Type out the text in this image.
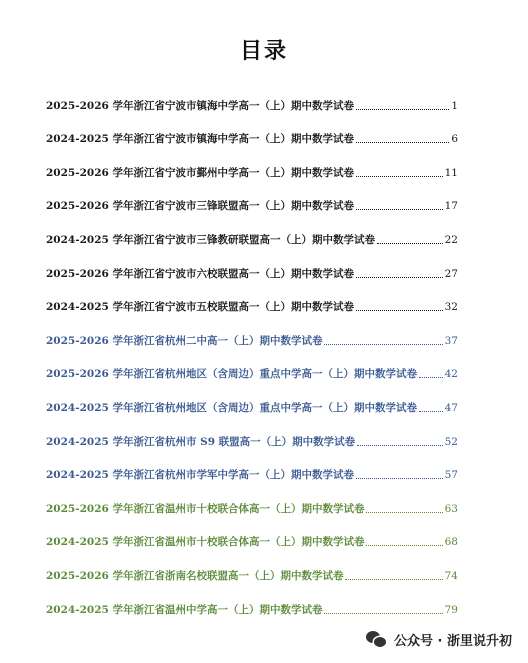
目录
2025-2026 学年浙江省宁波市镇海中学高一（上）期中数学试卷	1
2024-2025 学年浙江省宁波市镇海中学高一（上）期中数学试卷	6
2025-2026 学年浙江省宁波市鄞州中学高一（上）期中数学试卷	11
2025-2026 学年浙江省宁波市三锋联盟高一（上）期中数学试卷	17
2024-2025 学年浙江省宁波市三锋教研联盟高一（上）期中数学试卷	22
2025-2026 学年浙江省宁波市六校联盟高一（上）期中数学试卷	27
2024-2025 学年浙江省宁波市五校联盟高一（上）期中数学试卷	32
2025-2026 学年浙江省杭州二中高一（上）期中数学试卷	37
2025-2026 学年浙江省杭州地区（含周边）重点中学高一（上）期中数学试卷	42
2024-2025 学年浙江省杭州地区（含周边）重点中学高一（上）期中数学试卷	47
2024-2025 学年浙江省杭州市 S9 联盟高一（上）期中数学试卷	52
2024-2025 学年浙江省杭州市学军中学高一（上）期中数学试卷	57
2025-2026 学年浙江省温州市十校联合体高一（上）期中数学试卷	63
2024-2025 学年浙江省温州市十校联合体高一（上）期中数学试卷	68
2025-2026 学年浙江省浙南名校联盟高一（上）期中数学试卷	74
2024-2025 学年浙江省温州中学高一（上）期中数学试卷	79
公众号 · 浙里说升初
